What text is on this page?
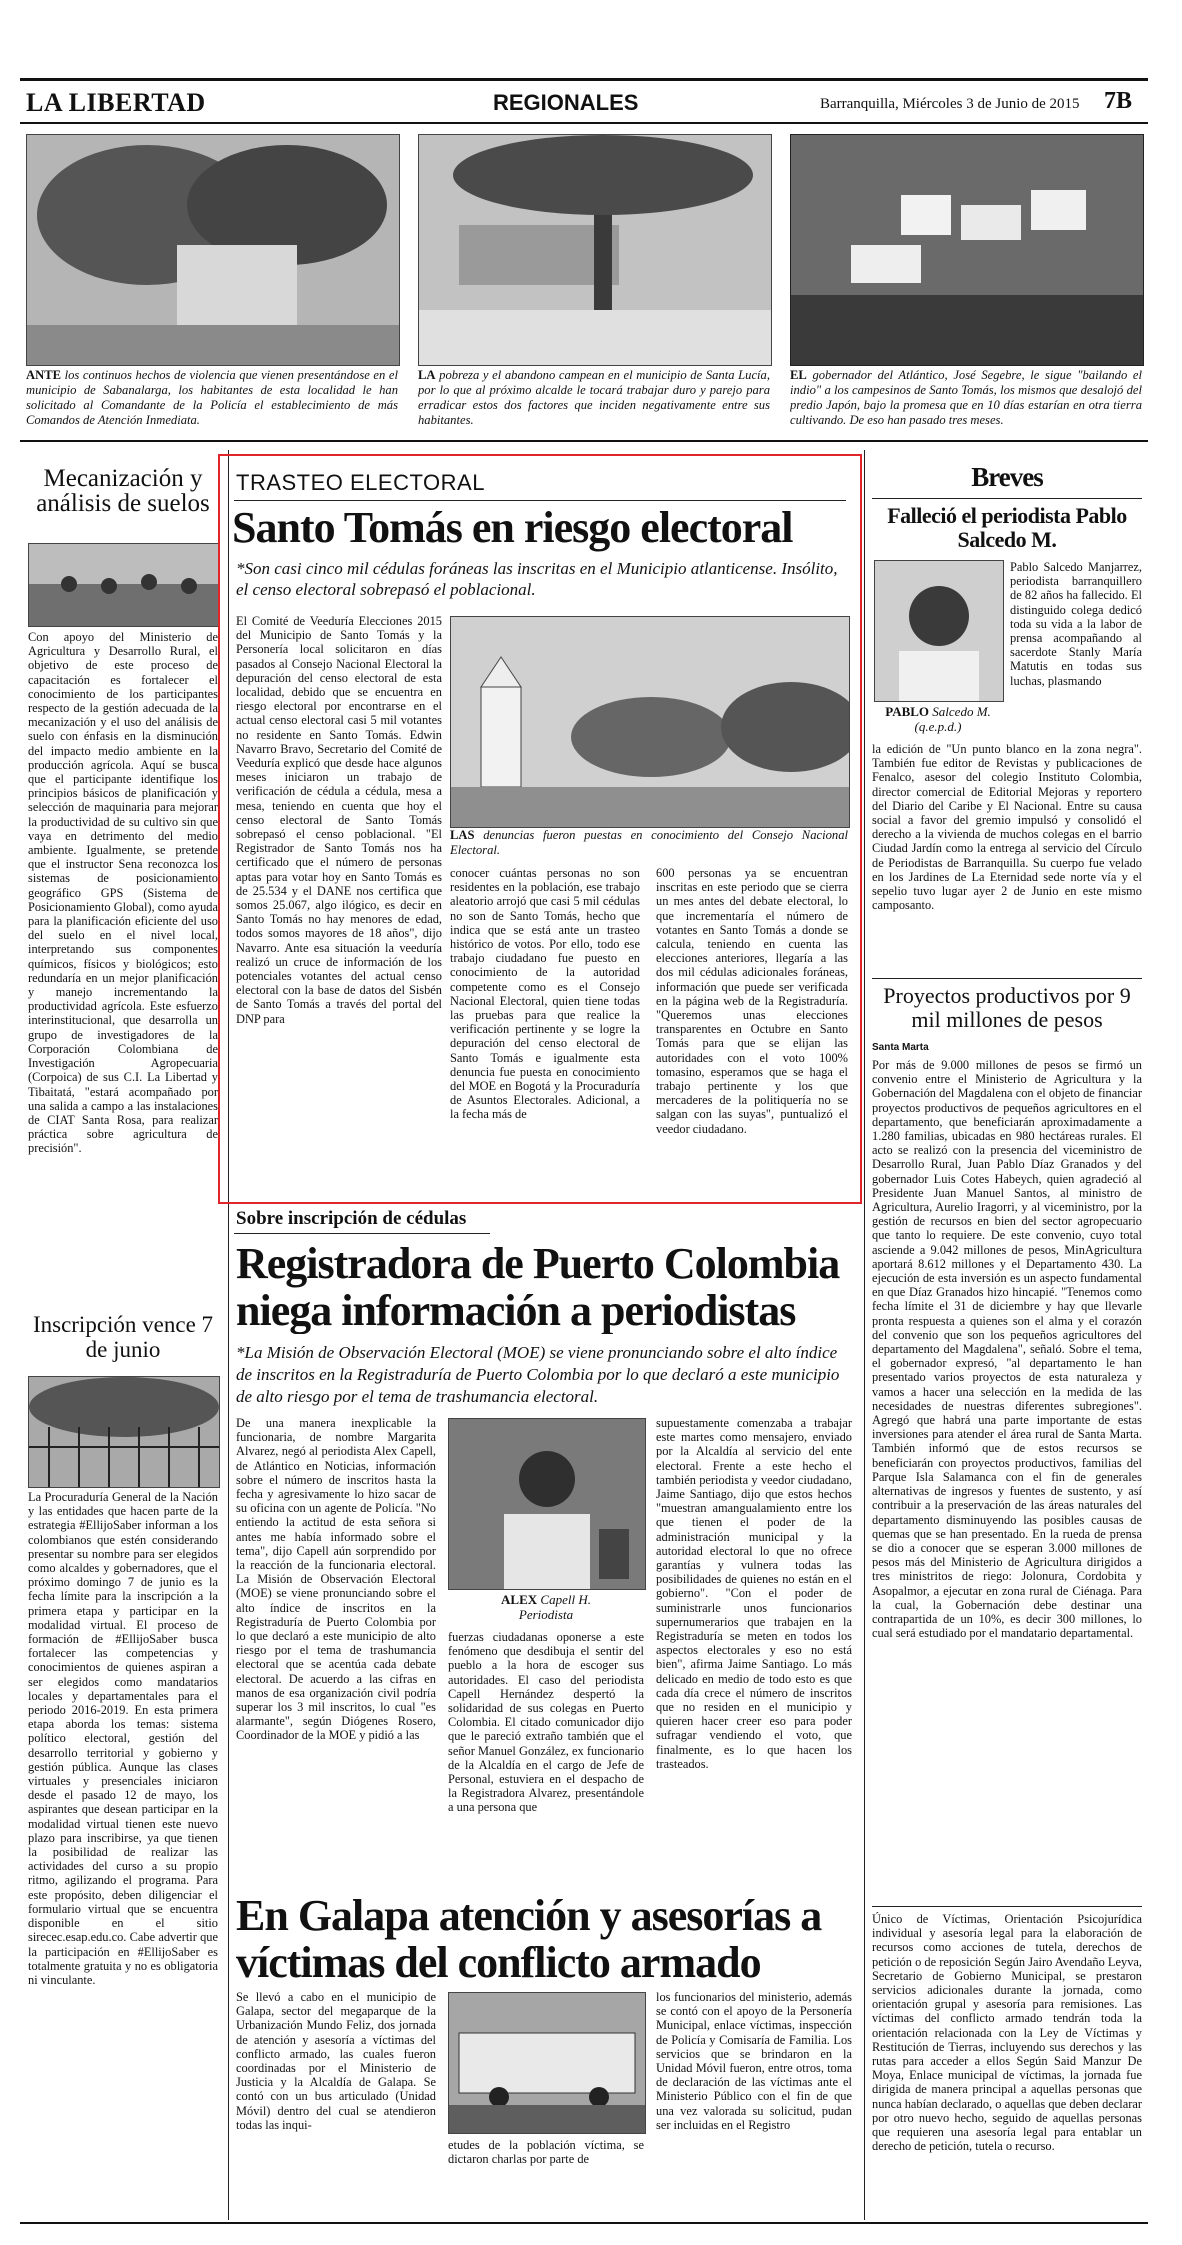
LA LIBERTAD	REGIONALES	Barranquilla, Miércoles 3 de Junio de 2015 7B
ANTE los continuos hechos de violencia que vienen presentándose en el municipio de Sabanalarga, los habitantes de esta localidad le han solicitado al Comandante de la Policía el establecimiento de más Comandos de Atención Inmediata.
LA pobreza y el abandono campean en el municipio de Santa Lucía, por lo que al próximo alcalde le tocará trabajar duro y parejo para erradicar estos dos factores que inciden negativamente entre sus habitantes.
EL gobernador del Atlántico, José Segebre, le sigue "bailando el indio" a los campesinos de Santo Tomás, los mismos que desalojó del predio Japón, bajo la promesa que en 10 días estarían en otra tierra cultivando. De eso han pasado tres meses.
Mecanización y análisis de suelos
Con apoyo del Ministerio de Agricultura y Desarrollo Rural, el objetivo de este proceso de capacitación es fortalecer el conocimiento de los participantes respecto de la gestión adecuada de la mecanización y el uso del análisis de suelo con énfasis en la disminución del impacto medio ambiente en la producción agrícola. Aquí se busca que el participante identifique los principios básicos de planificación y selección de maquinaria para mejorar la productividad de su cultivo sin que vaya en detrimento del medio ambiente. Igualmente, se pretende que el instructor Sena reconozca los sistemas de posicionamiento geográfico GPS (Sistema de Posicionamiento Global), como ayuda para la planificación eficiente del uso del suelo en el nivel local, interpretando sus componentes químicos, físicos y biológicos; esto redundaría en un mejor planificación y manejo incrementando la productividad agrícola. Este esfuerzo interinstitucional, que desarrolla un grupo de investigadores de la Corporación Colombiana de Investigación Agropecuaria (Corpoica) de sus C.I. La Libertad y Tibaitatá, "estará acompañado por una salida a campo a las instalaciones de CIAT Santa Rosa, para realizar práctica sobre agricultura de precisión".
Inscripción vence 7 de junio
La Procuraduría General de la Nación y las entidades que hacen parte de la estrategia #EllijoSaber informan a los colombianos que estén considerando presentar su nombre para ser elegidos como alcaldes y gobernadores, que el próximo domingo 7 de junio es la fecha límite para la inscripción a la primera etapa y participar en la modalidad virtual. El proceso de formación de #EllijoSaber busca fortalecer las competencias y conocimientos de quienes aspiran a ser elegidos como mandatarios locales y departamentales para el periodo 2016-2019. En esta primera etapa aborda los temas: sistema político electoral, gestión del desarrollo territorial y gobierno y gestión pública. Aunque las clases virtuales y presenciales iniciaron desde el pasado 12 de mayo, los aspirantes que desean participar en la modalidad virtual tienen este nuevo plazo para inscribirse, ya que tienen la posibilidad de realizar las actividades del curso a su propio ritmo, agilizando el programa. Para este propósito, deben diligenciar el formulario virtual que se encuentra disponible en el sitio sirecec.esap.edu.co. Cabe advertir que la participación en #EllijoSaber es totalmente gratuita y no es obligatoria ni vinculante.
TRASTEO ELECTORAL
Santo Tomás en riesgo electoral
*Son casi cinco mil cédulas foráneas las inscritas en el Municipio atlanticense. Insólito, el censo electoral sobrepasó el poblacional.
El Comité de Veeduría Elecciones 2015 del Municipio de Santo Tomás y la Personería local solicitaron en días pasados al Consejo Nacional Electoral la depuración del censo electoral de esta localidad, debido que se encuentra en riesgo electoral por encontrarse en el actual censo electoral casi 5 mil votantes no residente en Santo Tomás. Edwin Navarro Bravo, Secretario del Comité de Veeduría explicó que desde hace algunos meses iniciaron un trabajo de verificación de cédula a cédula, mesa a mesa, teniendo en cuenta que hoy el censo electoral de Santo Tomás sobrepasó el censo poblacional. "El Registrador de Santo Tomás nos ha certificado que el número de personas aptas para votar hoy en Santo Tomás es de 25.534 y el DANE nos certifica que somos 25.067, algo ilógico, es decir en Santo Tomás no hay menores de edad, todos somos mayores de 18 años", dijo Navarro. Ante esa situación la veeduría realizó un cruce de información de los potenciales votantes del actual censo electoral con la base de datos del Sisbén de Santo Tomás a través del portal del DNP para
LAS denuncias fueron puestas en conocimiento del Consejo Nacional Electoral.
conocer cuántas personas no son residentes en la población, ese trabajo aleatorio arrojó que casi 5 mil cédulas no son de Santo Tomás, hecho que indica que se está ante un trasteo histórico de votos. Por ello, todo ese trabajo ciudadano fue puesto en conocimiento de la autoridad competente como es el Consejo Nacional Electoral, quien tiene todas las pruebas para que realice la verificación pertinente y se logre la depuración del censo electoral de Santo Tomás e igualmente esta denuncia fue puesta en conocimiento del MOE en Bogotá y la Procuraduría de Asuntos Electorales. Adicional, a la fecha más de
600 personas ya se encuentran inscritas en este periodo que se cierra un mes antes del debate electoral, lo que incrementaría el número de votantes en Santo Tomás a donde se calcula, teniendo en cuenta las elecciones anteriores, llegaría a las dos mil cédulas adicionales foráneas, información que puede ser verificada en la página web de la Registraduría. "Queremos unas elecciones transparentes en Octubre en Santo Tomás para que se elijan las autoridades con el voto 100% tomasino, esperamos que se haga el trabajo pertinente y los que mercaderes de la politiquería no se salgan con las suyas", puntualizó el veedor ciudadano.
Sobre inscripción de cédulas
Registradora de Puerto Colombia niega información a periodistas
*La Misión de Observación Electoral (MOE) se viene pronunciando sobre el alto índice de inscritos en la Registraduría de Puerto Colombia por lo que declaró a este municipio de alto riesgo por el tema de trashumancia electoral.
De una manera inexplicable la funcionaria, de nombre Margarita Alvarez, negó al periodista Alex Capell, de Atlántico en Noticias, información sobre el número de inscritos hasta la fecha y agresivamente lo hizo sacar de su oficina con un agente de Policía. "No entiendo la actitud de esta señora si antes me había informado sobre el tema", dijo Capell aún sorprendido por la reacción de la funcionaria electoral. La Misión de Observación Electoral (MOE) se viene pronunciando sobre el alto índice de inscritos en la Registraduría de Puerto Colombia por lo que declaró a este municipio de alto riesgo por el tema de trashumancia electoral que se acentúa cada debate electoral. De acuerdo a las cifras en manos de esa organización civil podría superar los 3 mil inscritos, lo cual "es alarmante", según Diógenes Rosero, Coordinador de la MOE y pidió a las
ALEX Capell H.
Periodista
fuerzas ciudadanas oponerse a este fenómeno que desdibuja el sentir del pueblo a la hora de escoger sus autoridades. El caso del periodista Capell Hernández despertó la solidaridad de sus colegas en Puerto Colombia. El citado comunicador dijo que le pareció extraño también que el señor Manuel González, ex funcionario de la Alcaldía en el cargo de Jefe de Personal, estuviera en el despacho de la Registradora Alvarez, presentándole a una persona que
supuestamente comenzaba a trabajar este martes como mensajero, enviado por la Alcaldía al servicio del ente electoral. Frente a este hecho el también periodista y veedor ciudadano, Jaime Santiago, dijo que estos hechos "muestran amangualamiento entre los que tienen el poder de la administración municipal y la autoridad electoral lo que no ofrece garantías y vulnera todas las posibilidades de quienes no están en el gobierno". "Con el poder de suministrarle unos funcionarios supernumerarios que trabajen en la Registraduría se meten en todos los aspectos electorales y eso no está bien", afirma Jaime Santiago. Lo más delicado en medio de todo esto es que cada día crece el número de inscritos que no residen en el municipio y quieren hacer creer eso para poder sufragar vendiendo el voto, que finalmente, es lo que hacen los trasteados.
En Galapa atención y asesorías a víctimas del conflicto armado
Se llevó a cabo en el municipio de Galapa, sector del megaparque de la Urbanización Mundo Feliz, dos jornada de atención y asesoría a víctimas del conflicto armado, las cuales fueron coordinadas por el Ministerio de Justicia y la Alcaldía de Galapa. Se contó con un bus articulado (Unidad Móvil) dentro del cual se atendieron todas las inqui-
etudes de la población víctima, se dictaron charlas por parte de
los funcionarios del ministerio, además se contó con el apoyo de la Personería Municipal, enlace víctimas, inspección de Policía y Comisaría de Familia. Los servicios que se brindaron en la Unidad Móvil fueron, entre otros, toma de declaración de las víctimas ante el Ministerio Público con el fin de que una vez valorada su solicitud, pudan ser incluidas en el Registro
Breves
Falleció el periodista Pablo Salcedo M.
PABLO Salcedo M.
(q.e.p.d.)
Pablo Salcedo Manjarrez, periodista barranquillero de 82 años ha fallecido. El distinguido colega dedicó toda su vida a la labor de prensa acompañando al sacerdote Stanly María Matutis en todas sus luchas, plasmando
la edición de "Un punto blanco en la zona negra". También fue editor de Revistas y publicaciones de Fenalco, asesor del colegio Instituto Colombia, director comercial de Editorial Mejoras y reportero del Diario del Caribe y El Nacional. Entre su causa social a favor del gremio impulsó y consolidó el derecho a la vivienda de muchos colegas en el barrio Ciudad Jardín como la entrega al servicio del Círculo de Periodistas de Barranquilla. Su cuerpo fue velado en los Jardines de La Eternidad sede norte vía y el sepelio tuvo lugar ayer 2 de Junio en este mismo camposanto.
Proyectos productivos por 9 mil millones de pesos
Santa Marta
Por más de 9.000 millones de pesos se firmó un convenio entre el Ministerio de Agricultura y la Gobernación del Magdalena con el objeto de financiar proyectos productivos de pequeños agricultores en el departamento, que beneficiarán aproximadamente a 1.280 familias, ubicadas en 980 hectáreas rurales. El acto se realizó con la presencia del viceministro de Desarrollo Rural, Juan Pablo Díaz Granados y del gobernador Luis Cotes Habeych, quien agradeció al Presidente Juan Manuel Santos, al ministro de Agricultura, Aurelio Iragorri, y al viceministro, por la gestión de recursos en bien del sector agropecuario que tanto lo requiere. De este convenio, cuyo total asciende a 9.042 millones de pesos, MinAgricultura aportará 8.612 millones y el Departamento 430. La ejecución de esta inversión es un aspecto fundamental en que Díaz Granados hizo hincapié. "Tenemos como fecha límite el 31 de diciembre y hay que llevarle pronta respuesta a quienes son el alma y el corazón del convenio que son los pequeños agricultores del departamento del Magdalena", señaló. Sobre el tema, el gobernador expresó, "al departamento le han presentado varios proyectos de esta naturaleza y vamos a hacer una selección en la medida de las necesidades de nuestras diferentes subregiones". Agregó que habrá una parte importante de estas inversiones para atender el área rural de Santa Marta. También informó que de estos recursos se beneficiarán con proyectos productivos, familias del Parque Isla Salamanca con el fin de generales alternativas de ingresos y fuentes de sustento, y así contribuir a la preservación de las áreas naturales del departamento disminuyendo las posibles causas de quemas que se han presentado. En la rueda de prensa se dio a conocer que se esperan 3.000 millones de pesos más del Ministerio de Agricultura dirigidos a tres ministritos de riego: Jolonura, Cordobita y Asopalmor, a ejecutar en zona rural de Ciénaga. Para la cual, la Gobernación debe destinar una contrapartida de un 10%, es decir 300 millones, lo cual será estudiado por el mandatario departamental.
Único de Víctimas, Orientación Psicojurídica individual y asesoría legal para la elaboración de recursos como acciones de tutela, derechos de petición o de reposición Según Jairo Avendaño Leyva, Secretario de Gobierno Municipal, se prestaron servicios adicionales durante la jornada, como orientación grupal y asesoría para remisiones. Las víctimas del conflicto armado tendrán toda la orientación relacionada con la Ley de Víctimas y Restitución de Tierras, incluyendo sus derechos y las rutas para acceder a ellos Según Said Manzur De Moya, Enlace municipal de víctimas, la jornada fue dirigida de manera principal a aquellas personas que nunca habían declarado, o aquellas que deben declarar por otro nuevo hecho, seguido de aquellas personas que requieren una asesoría legal para entablar un derecho de petición, tutela o recurso.
